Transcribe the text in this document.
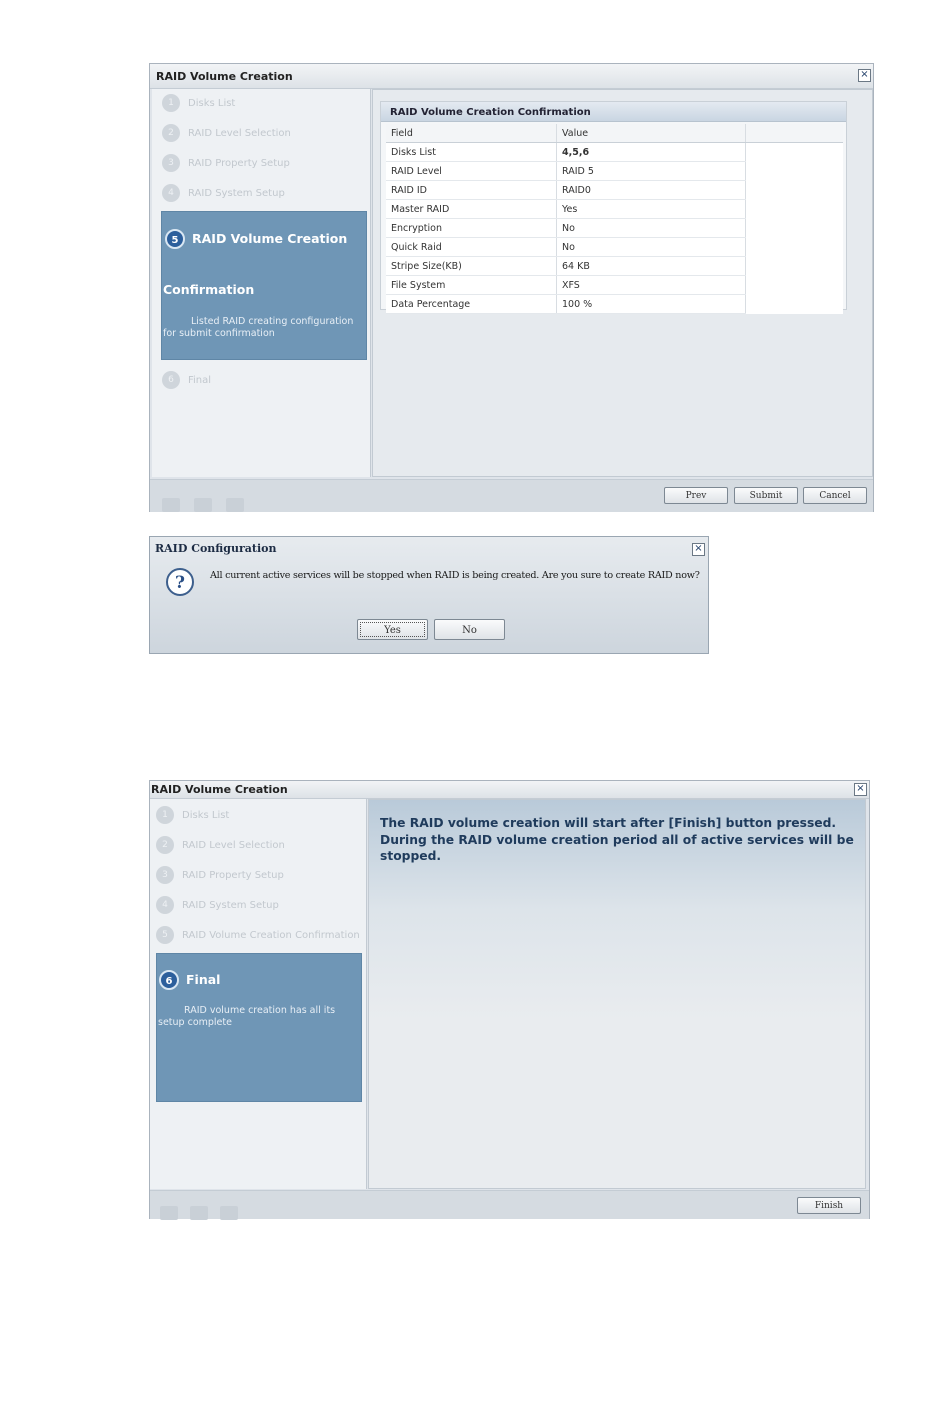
RAID Volume Creation	×
1	Disks List
2	RAID Level Selection
3	RAID Property Setup
4	RAID System Setup
5	RAID Volume Creation
Confirmation
Listed RAID creating configuration for submit confirmation
6	Final
RAID Volume Creation Confirmation
Field	Value	
Disks List	4,5,6	
RAID Level	RAID 5	
RAID ID	RAID0	
Master RAID	Yes	
Encryption	No	
Quick Raid	No	
Stripe Size(KB)	64 KB	
File System	XFS	
Data Percentage	100 %	
Prev	Submit	Cancel
RAID Configuration	×
?	All current active services will be stopped when RAID is being created. Are you sure to create RAID now?
Yes	No
RAID Volume Creation	×
1	Disks List
2	RAID Level Selection
3	RAID Property Setup
4	RAID System Setup
5	RAID Volume Creation Confirmation
6	Final
RAID volume creation has all its setup complete
The RAID volume creation will start after [Finish] button pressed. During the RAID volume creation period all of active services will be stopped.
Finish
